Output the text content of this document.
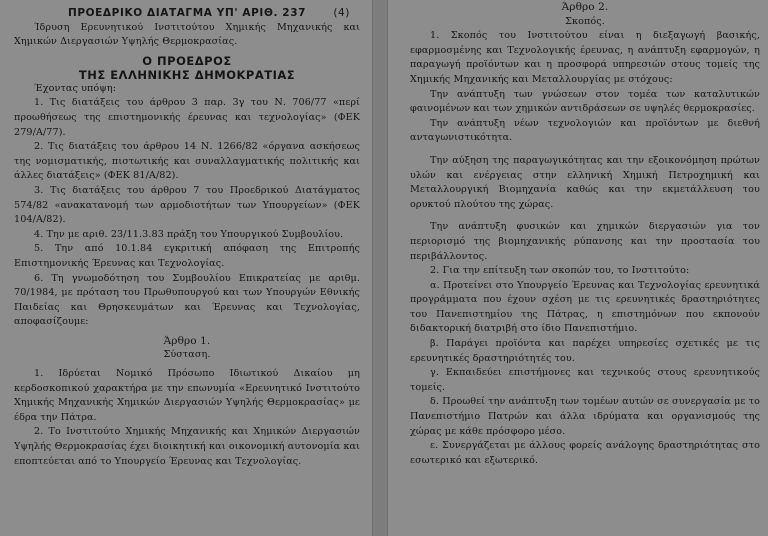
ΠΡΟΕΔΡΙΚΟ ΔΙΑΤΑΓΜΑ ΥΠ' ΑΡΙΘ. 237	(4)

Ίδρυση Ερευνητικού Ινστιτούτου Χημικής Μηχανικής και Χημικών Διεργασιών Υψηλής Θερμοκρασίας.

Ο ΠΡΟΕΔΡΟΣ
ΤΗΣ ΕΛΛΗΝΙΚΗΣ ΔΗΜΟΚΡΑΤΙΑΣ

Έχοντας υπόψη:

1. Τις διατάξεις του άρθρου 3 παρ. 3γ του Ν. 706/77 «περί προωθήσεως της επιστημονικής έρευνας και τεχνολογίας» (ΦΕΚ 279/Α/77).

2. Τις διατάξεις του άρθρου 14 Ν. 1266/82 «όργανα ασκήσεως της νομισματικής, πιστωτικής και συναλλαγματικής πολιτικής και άλλες διατάξεις» (ΦΕΚ 81/Α/82).

3. Τις διατάξεις του άρθρου 7 του Προεδρικού Διατάγματος 574/82 «ανακατανομή των αρμοδιοτήτων των Υπουργείων» (ΦΕΚ 104/Α/82).

4. Την με αριθ. 23/11.3.83 πράξη του Υπουργικού Συμβουλίου.

5. Την από 10.1.84 εγκριτική απόφαση της Επιτροπής Επιστημονικής Έρευνας και Τεχνολογίας.

6. Τη γνωμοδότηση του Συμβουλίου Επικρατείας με αριθμ. 70/1984, με πρόταση του Πρωθυπουργού και των Υπουργών Εθνικής Παιδείας και Θρησκευμάτων και Έρευνας και Τεχνολογίας, αποφασίζουμε:

Άρθρο 1.
Σύσταση.

1. Ιδρύεται Νομικό Πρόσωπο Ιδιωτικού Δικαίου μη κερδοσκοπικού χαρακτήρα με την επωνυμία «Ερευνητικό Ινστιτούτο Χημικής Μηχανικής Χημικών Διεργασιών Υψηλής Θερμοκρασίας» με έδρα την Πάτρα.

2. Το Ινστιτούτο Χημικής Μηχανικής και Χημικών Διεργασιών Υψηλής Θερμοκρασίας έχει διοικητική και οικονομική αυτονομία και εποπτεύεται από το Υπουργείο Έρευνας και Τεχνολογίας.

Άρθρο 2.
Σκοπός.

1. Σκοπός του Ινστιτούτου είναι η διεξαγωγή βασικής, εφαρμοσμένης και Τεχνολογικής έρευνας, η ανάπτυξη εφαρμογών, η παραγωγή προϊόντων και η προσφορά υπηρεσιών στους τομείς της Χημικής Μηχανικής και Μεταλλουργίας με στόχους:

Την ανάπτυξη των γνώσεων στον τομέα των καταλυτικών φαινομένων και των χημικών αντιδράσεων σε υψηλές θερμοκρασίες.

Την ανάπτυξη νέων τεχνολογιών και προϊόντων με διεθνή ανταγωνιστικότητα.

Την αύξηση της παραγωγικότητας και την εξοικονόμηση πρώτων υλών και ενέργειας στην ελληνική Χημική Πετροχημική και Μεταλλουργική Βιομηχανία καθώς και την εκμετάλλευση του ορυκτού πλούτου της χώρας.

Την ανάπτυξη φυσικών και χημικών διεργασιών για τον περιορισμό της βιομηχανικής ρύπανσης και την προστασία του περιβάλλοντος.

2. Για την επίτευξη των σκοπών του, το Ινστιτούτο:

α. Προτείνει στο Υπουργείο Έρευνας και Τεχνολογίας ερευνητικά προγράμματα που έχουν σχέση με τις ερευνητικές δραστηριότητες του Πανεπιστημίου της Πάτρας, η επιστημόνων που εκπονούν διδακτορική διατριβή στο ίδιο Πανεπιστήμιο.

β. Παράγει προϊόντα και παρέχει υπηρεσίες σχετικές με τις ερευνητικές δραστηριότητές του.

γ. Εκπαιδεύει επιστήμονες και τεχνικούς στους ερευνητικούς τομείς.

δ. Προωθεί την ανάπτυξη των τομέων αυτών σε συνεργασία με το Πανεπιστήμιο Πατρών και άλλα ιδρύματα και οργανισμούς της χώρας με κάθε πρόσφορο μέσο.

ε. Συνεργάζεται με άλλους φορείς ανάλογης δραστηριότητας στο εσωτερικό και εξωτερικό.
